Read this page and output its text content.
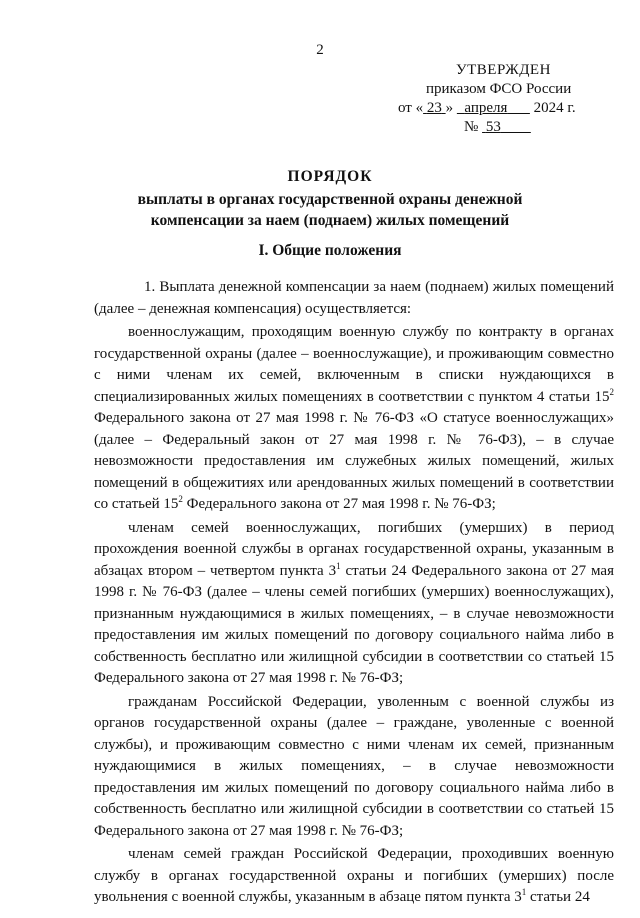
2
УТВЕРЖДЕН
приказом ФСО России
от « 23 » апреля 2024 г.
№ 53
ПОРЯДОК
выплаты в органах государственной охраны денежной компенсации за наем (поднаем) жилых помещений
I. Общие положения

1. Выплата денежной компенсации за наем (поднаем) жилых помещений (далее – денежная компенсация) осуществляется:

военнослужащим, проходящим военную службу по контракту в органах государственной охраны (далее – военнослужащие), и проживающим совместно с ними членам их семей, включенным в списки нуждающихся в специализированных жилых помещениях в соответствии с пунктом 4 статьи $15^2$ Федерального закона от 27 мая 1998 г. № 76-ФЗ «О статусе военнослужащих» (далее – Федеральный закон от 27 мая 1998 г. № 76-ФЗ), – в случае невозможности предоставления им служебных жилых помещений, жилых помещений в общежитиях или арендованных жилых помещений в соответствии со статьей $15^2$ Федерального закона от 27 мая 1998 г. № 76-ФЗ;

членам семей военнослужащих, погибших (умерших) в период прохождения военной службы в органах государственной охраны, указанным в абзацах втором – четвертом пункта $3^1$ статьи 24 Федерального закона от 27 мая 1998 г. № 76-ФЗ (далее – члены семей погибших (умерших) военнослужащих), признанным нуждающимися в жилых помещениях, – в случае невозможности предоставления им жилых помещений по договору социального найма либо в собственность бесплатно или жилищной субсидии в соответствии со статьей 15 Федерального закона от 27 мая 1998 г. № 76-ФЗ;

гражданам Российской Федерации, уволенным с военной службы из органов государственной охраны (далее – граждане, уволенные с военной службы), и проживающим совместно с ними членам их семей, признанным нуждающимися в жилых помещениях, – в случае невозможности предоставления им жилых помещений по договору социального найма либо в собственность бесплатно или жилищной субсидии в соответствии со статьей 15 Федерального закона от 27 мая 1998 г. № 76-ФЗ;

членам семей граждан Российской Федерации, проходивших военную службу в органах государственной охраны и погибших (умерших) после увольнения с военной службы, указанным в абзаце пятом пункта $3^1$ статьи 24
